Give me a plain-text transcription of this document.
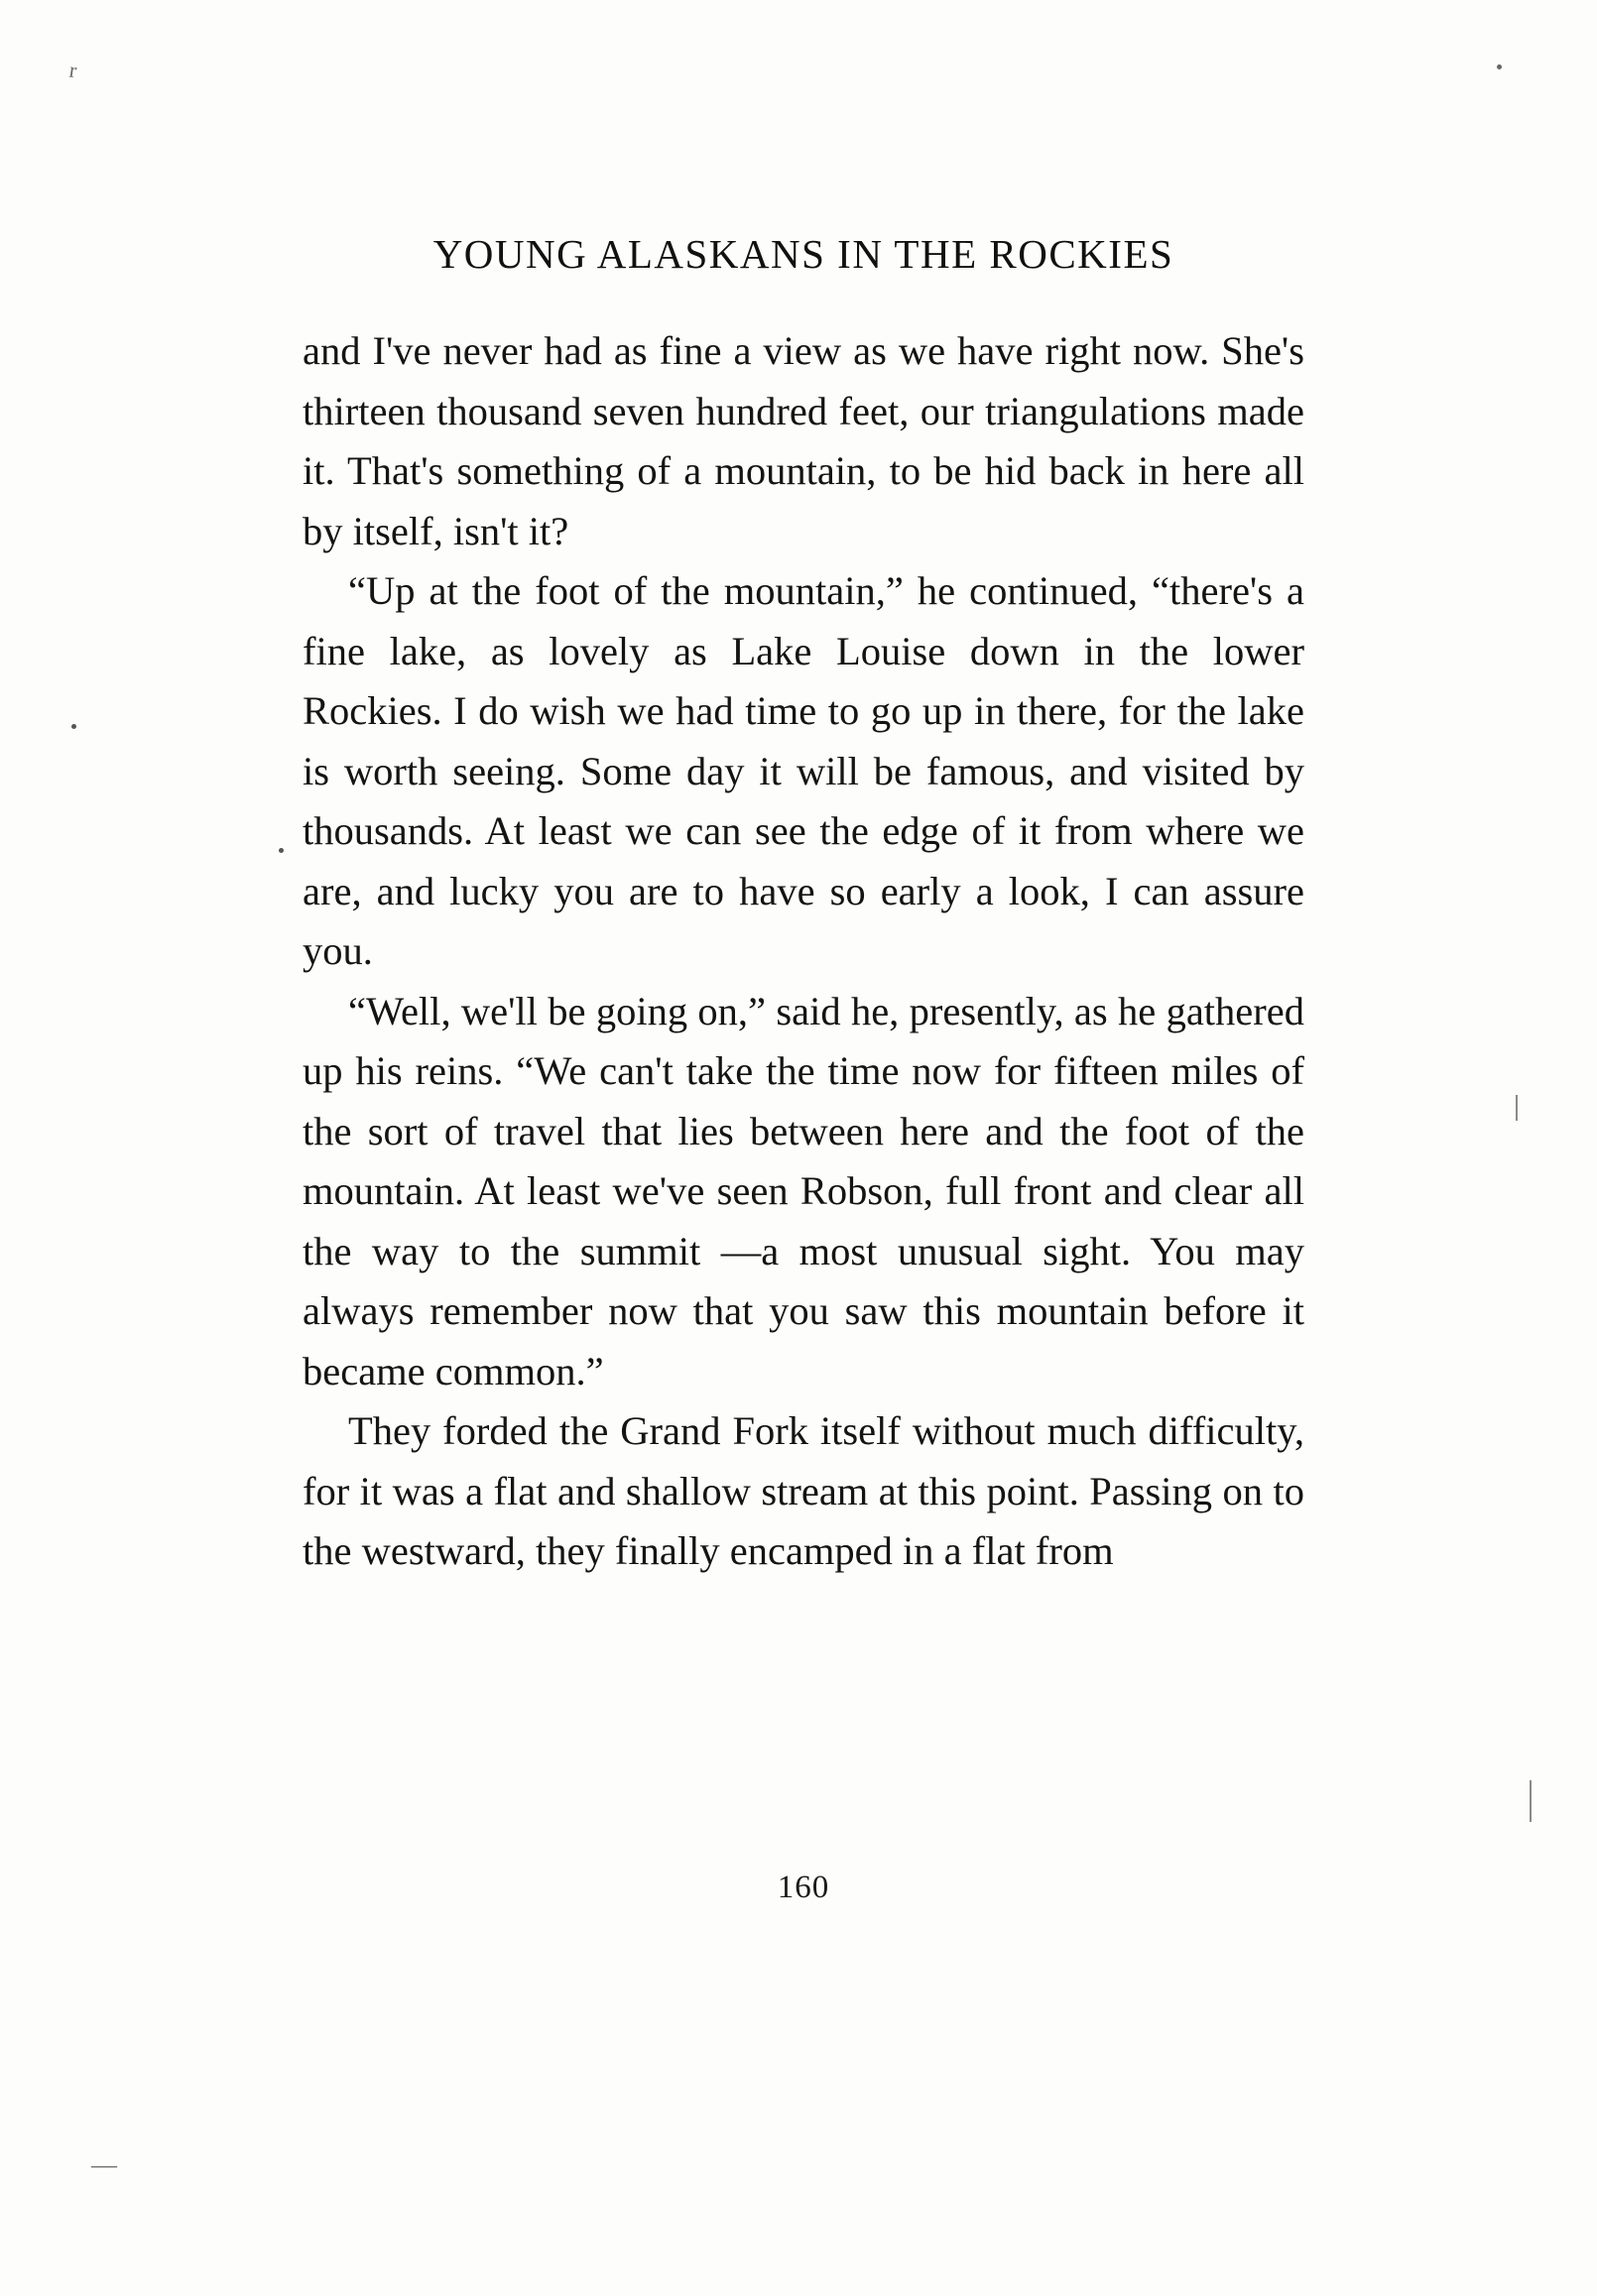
r
—
YOUNG ALASKANS IN THE ROCKIES

and I've never had as fine a view as we have right now. She's thirteen thousand seven hundred feet, our triangulations made it. That's something of a mountain, to be hid back in here all by itself, isn't it?

“Up at the foot of the mountain,” he continued, “there's a fine lake, as lovely as Lake Louise down in the lower Rockies. I do wish we had time to go up in there, for the lake is worth seeing. Some day it will be famous, and visited by thousands. At least we can see the edge of it from where we are, and lucky you are to have so early a look, I can assure you.

“Well, we'll be going on,” said he, presently, as he gathered up his reins. “We can't take the time now for fifteen miles of the sort of travel that lies between here and the foot of the mountain. At least we've seen Robson, full front and clear all the way to the summit —a most unusual sight. You may always remember now that you saw this mountain before it became common.”

They forded the Grand Fork itself without much difficulty, for it was a flat and shallow stream at this point. Passing on to the westward, they finally encamped in a flat from

160
